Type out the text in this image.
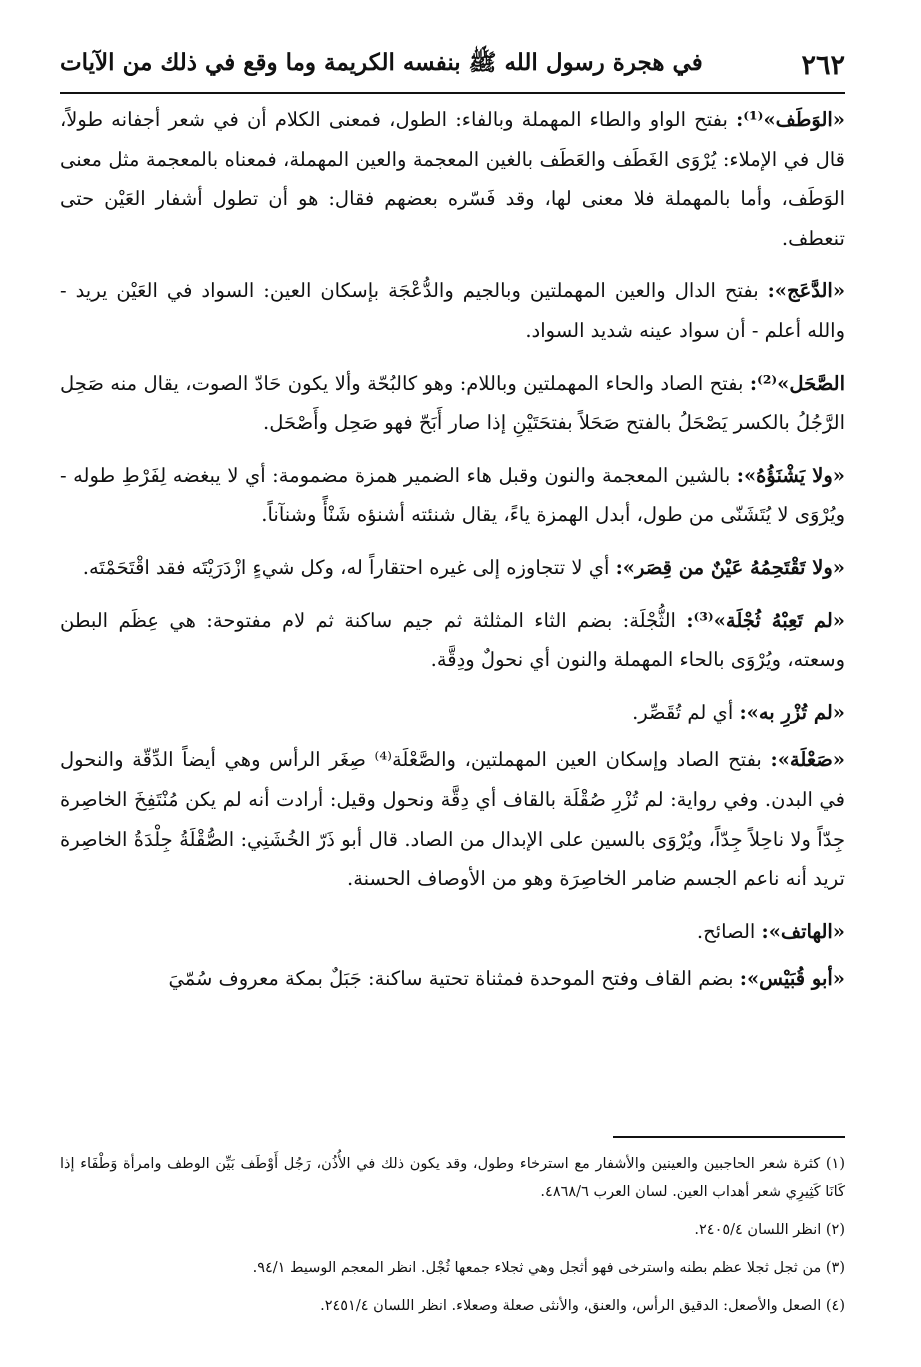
٢٦٢
في هجرة رسول الله ﷺ بنفسه الكريمة وما وقع في ذلك من الآيات

«الوَطَف»⁽¹⁾: بفتح الواو والطاء المهملة وبالفاء: الطول، فمعنى الكلام أن في شعر أجفانه طولاً، قال في الإملاء: يُرْوَى الغَطَف والعَطَف بالغين المعجمة والعين المهملة، فمعناه بالمعجمة مثل معنى الوَطَف، وأما بالمهملة فلا معنى لها، وقد فَسّره بعضهم فقال: هو أن تطول أشفار العَيْن حتى تنعطف.

«الدَّعَج»: بفتح الدال والعين المهملتين وبالجيم والدُّعْجَة بإسكان العين: السواد في العَيْن يريد - والله أعلم - أن سواد عينه شديد السواد.

الصَّحَل»⁽²⁾: بفتح الصاد والحاء المهملتين وباللام: وهو كالبُحّة وألا يكون حَادّ الصوت، يقال منه صَحِل الرَّجُلُ بالكسر يَصْحَلُ بالفتح صَحَلاً بفتحَتَيْنِ إذا صار أَبَحّ فهو صَحِل وأَصْحَل.

«ولا يَشْنَؤُهُ»: بالشين المعجمة والنون وقبل هاء الضمير همزة مضمومة: أي لا يبغضه لِفَرْطِ طوله - ويُرْوَى لا يُتَشَنّى من طول، أبدل الهمزة ياءً، يقال شنئته أشنؤه شَنْأً وشنآناً.

«ولا تَقْتَحِمُهُ عَيْنٌ من قِصَر»: أي لا تتجاوزه إلى غيره احتقاراً له، وكل شيءٍ ازْدَرَيْتَه فقد اقْتَحَمْتَه.

«لم تَعِبْهُ ثُجْلَة»⁽³⁾: الثُّجْلَة: بضم الثاء المثلثة ثم جيم ساكنة ثم لام مفتوحة: هي عِظَم البطن وسعته، ويُرْوَى بالحاء المهملة والنون أي نحولٌ ودِقَّة.

«لم تُزْرِ به»: أي لم تُقَصِّر.

«صَعْلَة»: بفتح الصاد وإسكان العين المهملتين، والصَّعْلَة⁽⁴⁾ صِغَر الرأس وهي أيضاً الدِّقّة والنحول في البدن. وفي رواية: لم تُزْرِ صُقْلَة بالقاف أي دِقَّة ونحول وقيل: أرادت أنه لم يكن مُنْتَفِخَ الخاصِرة جِدّاً ولا ناحِلاً جِدّاً، ويُرْوَى بالسين على الإبدال من الصاد. قال أبو ذَرّ الخُشَنِي: الصُّقْلَةُ جِلْدَةُ الخاصِرة تريد أنه ناعم الجسم ضامر الخاصِرَة وهو من الأوصاف الحسنة.

«الهاتف»: الصائح.

«أبو قُبَيْس»: بضم القاف وفتح الموحدة فمثناة تحتية ساكنة: جَبَلٌ بمكة معروف سُمّيَ

(١) كثرة شعر الحاجبين والعينين والأشفار مع استرخاء وطول، وقد يكون ذلك في الأُذُن، رَجُل أَوْطَف بَيِّن الوطف وامرأة وَطْفَاء إذا كَانَا كَثِيرِي شعر أهداب العين. لسان العرب ٤٨٦٨/٦.

(٢) انظر اللسان ٢٤٠٥/٤.

(٣) من ثجل ثجلا عظم بطنه واسترخى فهو أثجل وهي ثجلاء جمعها ثُجْل. انظر المعجم الوسيط ٩٤/١.

(٤) الصعل والأصعل: الدقيق الرأس، والعنق، والأنثى صعلة وصعلاء. انظر اللسان ٢٤٥١/٤.
